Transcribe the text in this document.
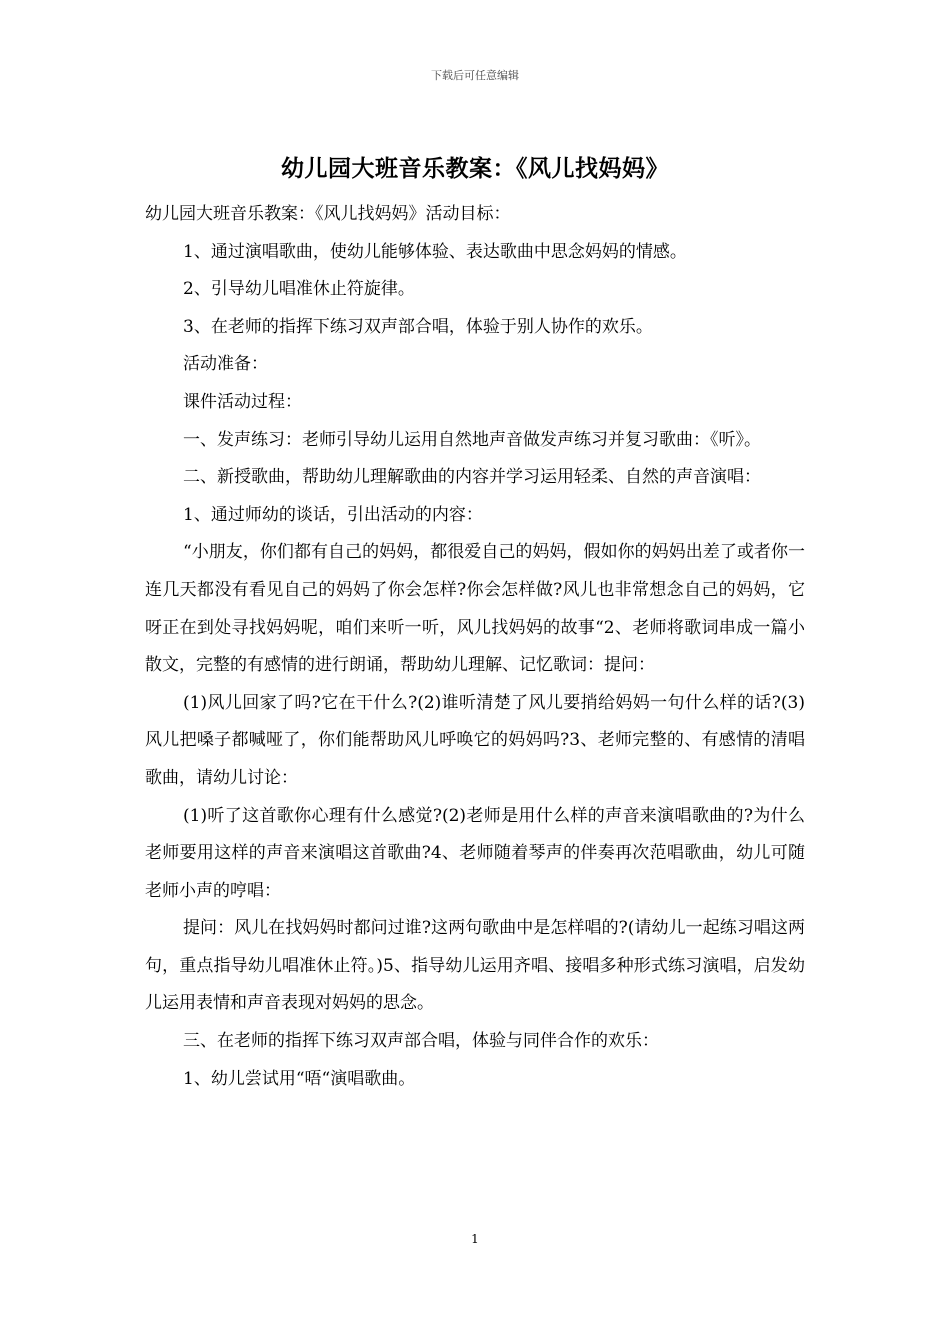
下载后可任意编辑
幼儿园大班音乐教案：《风儿找妈妈》

幼儿园大班音乐教案：《风儿找妈妈》活动目标：

1、通过演唱歌曲，使幼儿能够体验、表达歌曲中思念妈妈的情感。

2、引导幼儿唱准休止符旋律。

3、在老师的指挥下练习双声部合唱，体验于别人协作的欢乐。

活动准备：

课件活动过程：

一、发声练习：老师引导幼儿运用自然地声音做发声练习并复习歌曲：《听》。

二、新授歌曲，帮助幼儿理解歌曲的内容并学习运用轻柔、自然的声音演唱：

1、通过师幼的谈话，引出活动的内容：

“小朋友，你们都有自己的妈妈，都很爱自己的妈妈，假如你的妈妈出差了或者你一连几天都没有看见自己的妈妈了你会怎样?你会怎样做?风儿也非常想念自己的妈妈，它呀正在到处寻找妈妈呢，咱们来听一听，风儿找妈妈的故事“2、老师将歌词串成一篇小散文，完整的有感情的进行朗诵，帮助幼儿理解、记忆歌词：提问：

(1)风儿回家了吗?它在干什么?(2)谁听清楚了风儿要捎给妈妈一句什么样的话?(3)风儿把嗓子都喊哑了，你们能帮助风儿呼唤它的妈妈吗?3、老师完整的、有感情的清唱歌曲，请幼儿讨论：

(1)听了这首歌你心理有什么感觉?(2)老师是用什么样的声音来演唱歌曲的?为什么老师要用这样的声音来演唱这首歌曲?4、老师随着琴声的伴奏再次范唱歌曲，幼儿可随老师小声的哼唱：

提问：风儿在找妈妈时都问过谁?这两句歌曲中是怎样唱的?(请幼儿一起练习唱这两句，重点指导幼儿唱准休止符。)5、指导幼儿运用齐唱、接唱多种形式练习演唱，启发幼儿运用表情和声音表现对妈妈的思念。

三、在老师的指挥下练习双声部合唱，体验与同伴合作的欢乐：

1、幼儿尝试用“唔“演唱歌曲。

1
